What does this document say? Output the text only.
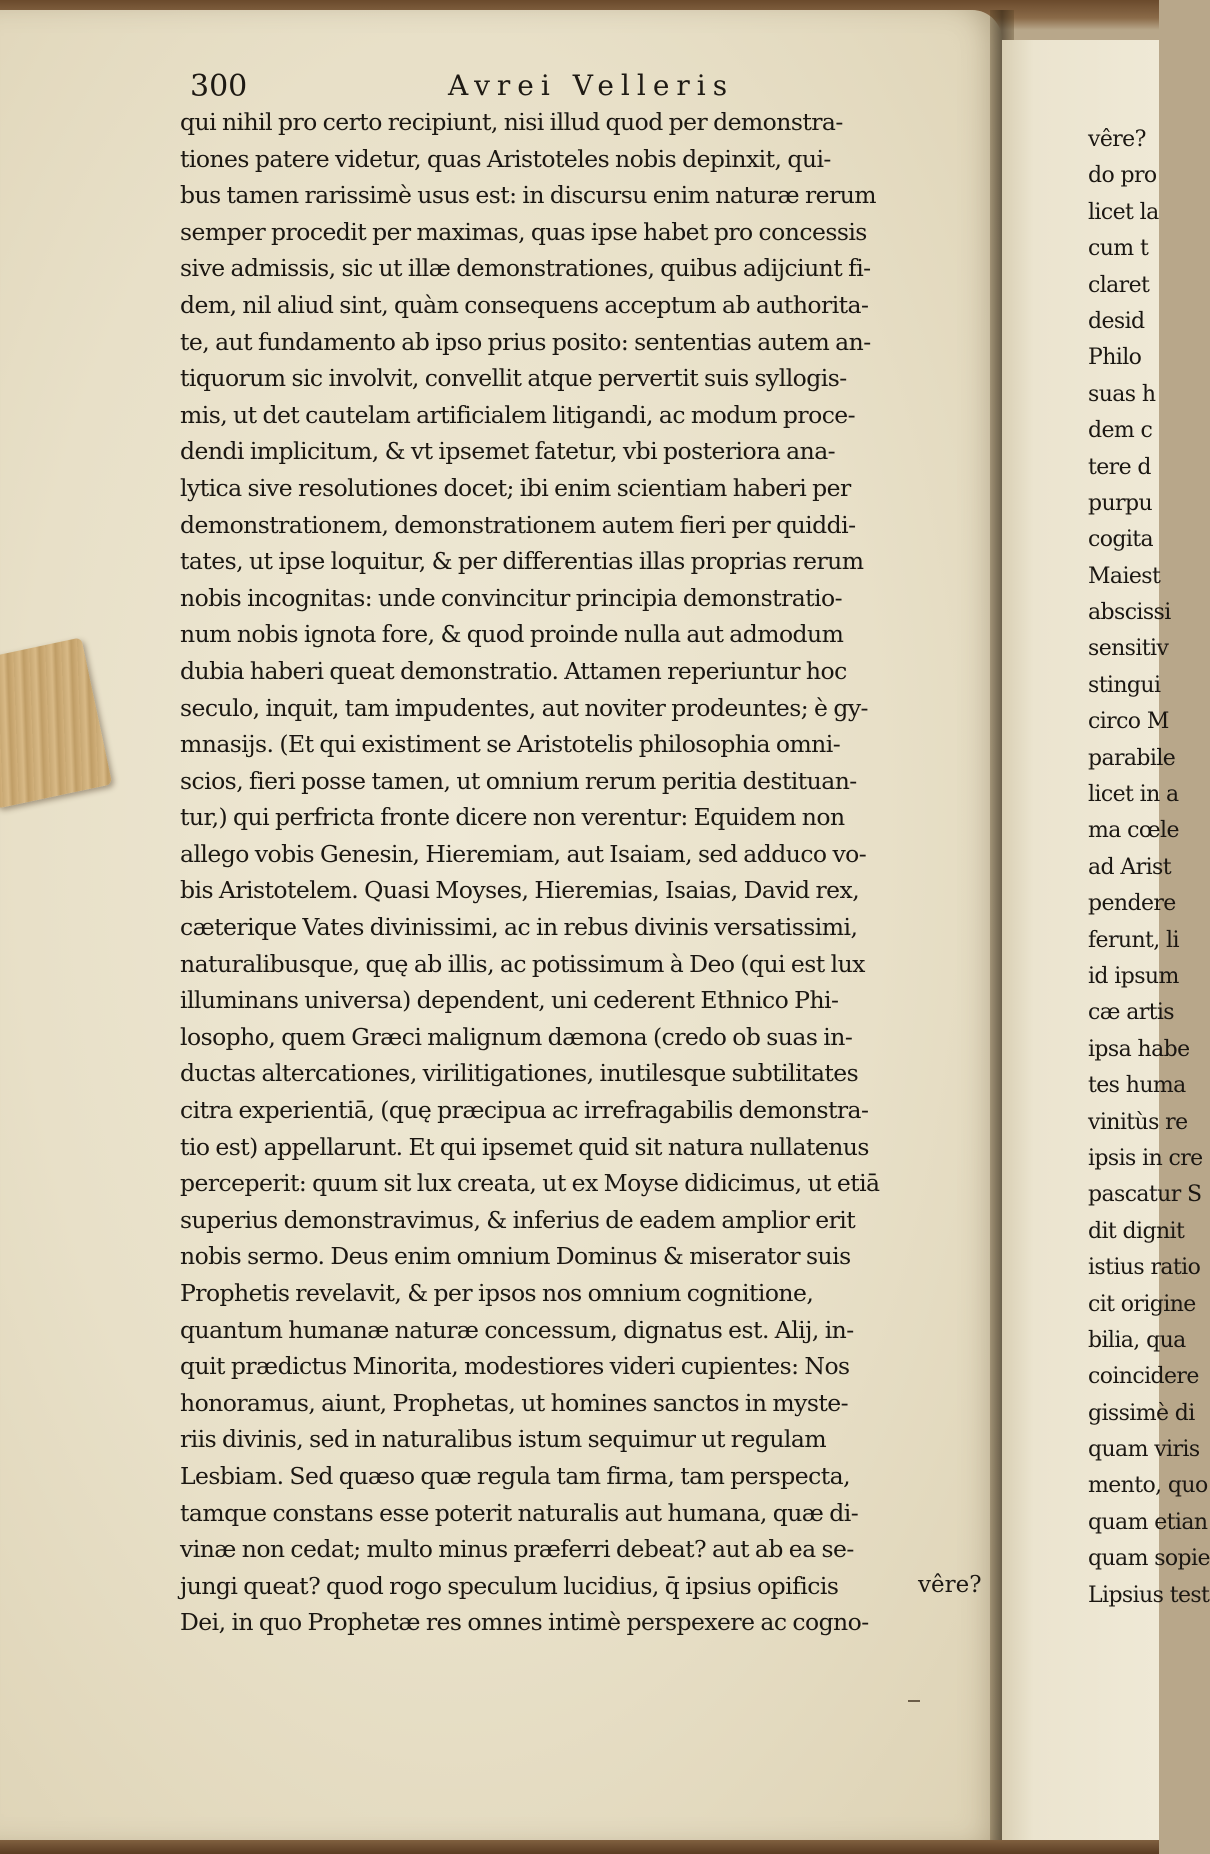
vêre?
do pro
licet la
cum t
claret
desid
Philo
suas h
dem c
tere d
purpu
cogita
Maiest
abscissi
sensitiv
stingui
circo M
parabile
licet in a
ma cœle
ad Arist
pendere
ferunt, li
id ipsum
cæ artis
ipsa habe
tes huma
vinitùs re
ipsis in cre
pascatur S
dit dignit
istius ratio
cit origine
bilia, qua
coincidere
gissimè di
quam viris
mento, quo
quam etian
quam sopie
Lipsius test
300	Avrei Velleris
qui nihil pro certo recipiunt, nisi illud quod per demonstra-
tiones patere videtur, quas Aristoteles nobis depinxit, qui-
bus tamen rarissimè usus est: in discursu enim naturæ rerum
semper procedit per maximas, quas ipse habet pro concessis
sive admissis, sic ut illæ demonstrationes, quibus adijciunt fi-
dem, nil aliud sint, quàm consequens acceptum ab authorita-
te, aut fundamento ab ipso prius posito: sententias autem an-
tiquorum sic involvit, convellit atque pervertit suis syllogis-
mis, ut det cautelam artificialem litigandi, ac modum proce-
dendi implicitum, & vt ipsemet fatetur, vbi posteriora ana-
lytica sive resolutiones docet; ibi enim scientiam haberi per
demonstrationem, demonstrationem autem fieri per quiddi-
tates, ut ipse loquitur, & per differentias illas proprias rerum
nobis incognitas: unde convincitur principia demonstratio-
num nobis ignota fore, & quod proinde nulla aut admodum
dubia haberi queat demonstratio. Attamen reperiuntur hoc
seculo, inquit, tam impudentes, aut noviter prodeuntes; è gy-
mnasijs. (Et qui existiment se Aristotelis philosophia omni-
scios, fieri posse tamen, ut omnium rerum peritia destituan-
tur,) qui perfricta fronte dicere non verentur: Equidem non
allego vobis Genesin, Hieremiam, aut Isaiam, sed adduco vo-
bis Aristotelem. Quasi Moyses, Hieremias, Isaias, David rex,
cæterique Vates divinissimi, ac in rebus divinis versatissimi,
naturalibusque, quę ab illis, ac potissimum à Deo (qui est lux
illuminans universa) dependent, uni cederent Ethnico Phi-
losopho, quem Græci malignum dæmona (credo ob suas in-
ductas altercationes, virilitigationes, inutilesque subtilitates
citra experientiā, (quę præcipua ac irrefragabilis demonstra-
tio est) appellarunt. Et qui ipsemet quid sit natura nullatenus
perceperit: quum sit lux creata, ut ex Moyse didicimus, ut etiā
superius demonstravimus, & inferius de eadem amplior erit
nobis sermo. Deus enim omnium Dominus & miserator suis
Prophetis revelavit, & per ipsos nos omnium cognitione,
quantum humanæ naturæ concessum, dignatus est. Alij, in-
quit prædictus Minorita, modestiores videri cupientes: Nos
honoramus, aiunt, Prophetas, ut homines sanctos in myste-
riis divinis, sed in naturalibus istum sequimur ut regulam
Lesbiam. Sed quæso quæ regula tam firma, tam perspecta,
tamque constans esse poterit naturalis aut humana, quæ di-
vinæ non cedat; multo minus præferri debeat? aut ab ea se-
jungi queat? quod rogo speculum lucidius, q̄ ipsius opificis
Dei, in quo Prophetæ res omnes intimè perspexere ac cogno-
vêre?
